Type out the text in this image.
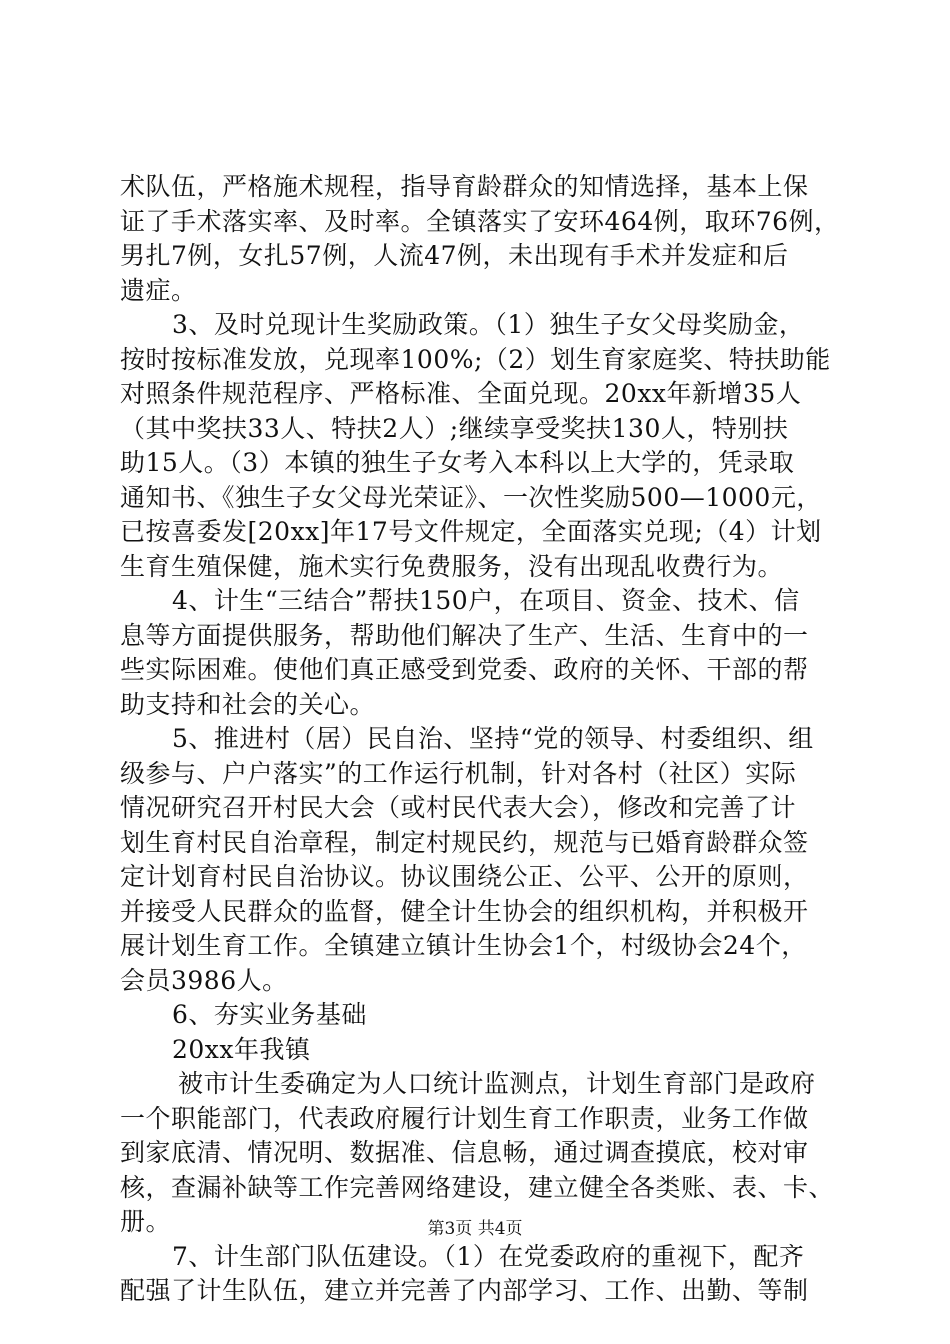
术队伍，严格施术规程，指导育龄群众的知情选择，基本上保
证了手术落实率、及时率。全镇落实了安环464例，取环76例，
男扎7例，女扎57例，人流47例，未出现有手术并发症和后
遗症。
3、及时兑现计生奖励政策。（1）独生子女父母奖励金，
按时按标准发放，兑现率100%;（2）划生育家庭奖、特扶助能
对照条件规范程序、严格标准、全面兑现。20xx年新增35人
（其中奖扶33人、特扶2人）;继续享受奖扶130人，特别扶
助15人。（3）本镇的独生子女考入本科以上大学的，凭录取
通知书、《独生子女父母光荣证》、一次性奖励500—1000元，
已按喜委发[20xx]年17号文件规定，全面落实兑现;（4）计划
生育生殖保健，施术实行免费服务，没有出现乱收费行为。
4、计生“三结合”帮扶150户，在项目、资金、技术、信
息等方面提供服务，帮助他们解决了生产、生活、生育中的一
些实际困难。使他们真正感受到党委、政府的关怀、干部的帮
助支持和社会的关心。
5、推进村（居）民自治、坚持“党的领导、村委组织、组
级参与、户户落实”的工作运行机制，针对各村（社区）实际
情况研究召开村民大会（或村民代表大会），修改和完善了计
划生育村民自治章程，制定村规民约，规范与已婚育龄群众签
定计划育村民自治协议。协议围绕公正、公平、公开的原则，
并接受人民群众的监督，健全计生协会的组织机构，并积极开
展计划生育工作。全镇建立镇计生协会1个，村级协会24个，
会员3986人。
6、夯实业务基础
20xx年我镇
被市计生委确定为人口统计监测点，计划生育部门是政府
一个职能部门，代表政府履行计划生育工作职责，业务工作做
到家底清、情况明、数据准、信息畅，通过调查摸底，校对审
核，查漏补缺等工作完善网络建设，建立健全各类账、表、卡、
册。
7、计生部门队伍建设。（1）在党委政府的重视下，配齐
配强了计生队伍，建立并完善了内部学习、工作、出勤、等制
第3页 共4页
